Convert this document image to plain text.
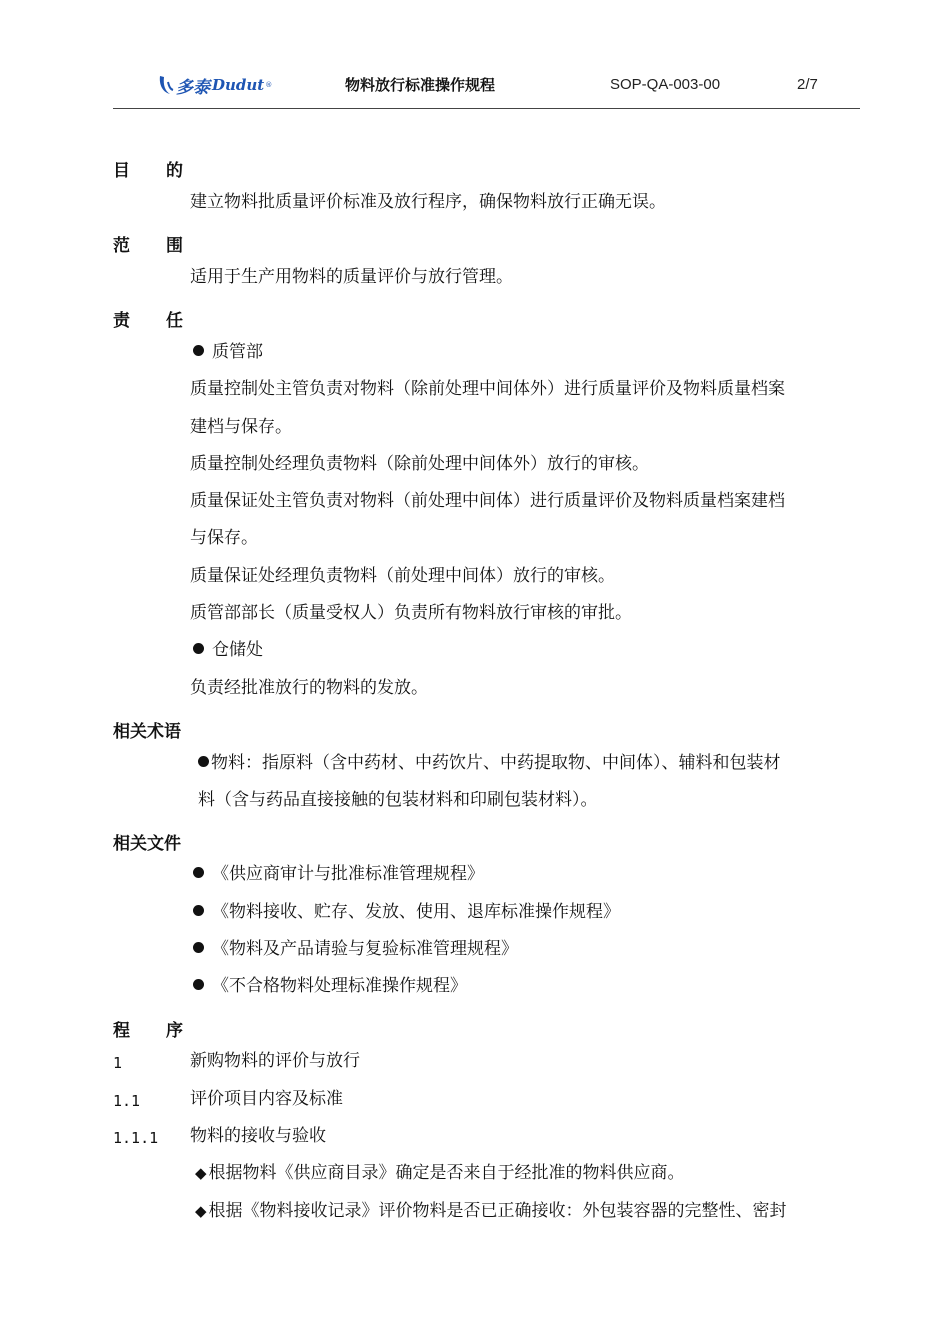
多泰 Dudut ®	物料放行标准操作规程	SOP-QA-003-00	2/7
目 的
建立物料批质量评价标准及放行程序，确保物料放行正确无误。
范 围
适用于生产用物料的质量评价与放行管理。
责 任
质管部
质量控制处主管负责对物料（除前处理中间体外）进行质量评价及物料质量档案
建档与保存。
质量控制处经理负责物料（除前处理中间体外）放行的审核。
质量保证处主管负责对物料（前处理中间体）进行质量评价及物料质量档案建档
与保存。
质量保证处经理负责物料（前处理中间体）放行的审核。
质管部部长（质量受权人）负责所有物料放行审核的审批。
仓储处
负责经批准放行的物料的发放。
相关术语
物料：指原料（含中药材、中药饮片、中药提取物、中间体）、辅料和包装材
料（含与药品直接接触的包装材料和印刷包装材料）。
相关文件
《供应商审计与批准标准管理规程》
《物料接收、贮存、发放、使用、退库标准操作规程》
《物料及产品请验与复验标准管理规程》
《不合格物料处理标准操作规程》
程 序
1	新购物料的评价与放行
1.1	评价项目内容及标准
1.1.1 物料的接收与验收
◆ 根据物料《供应商目录》确定是否来自于经批准的物料供应商。
◆ 根据《物料接收记录》评价物料是否已正确接收：外包装容器的完整性、密封
